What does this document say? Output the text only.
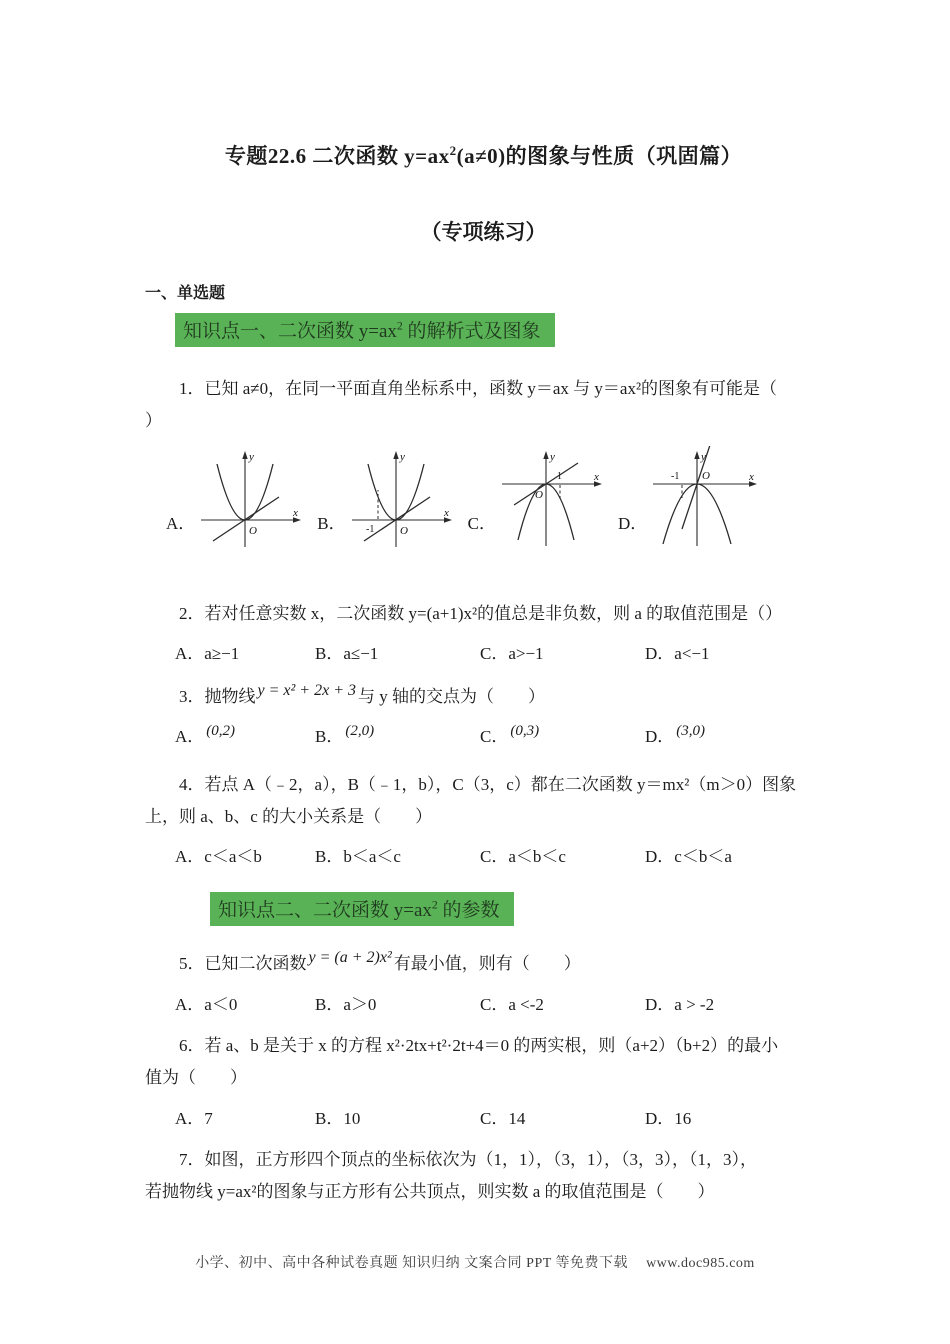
专题22.6 二次函数 $y=ax^2(a\ne 0)$的图象与性质（巩固篇）
（专项练习）
一、单选题
知识点一、二次函数 $y=ax^2$ 的解析式及图象
1．已知 a≠0，在同一平面直角坐标系中，函数 y＝ax 与 y＝ax²的图象有可能是（
）
A．
y
x
O	B． -1
y
x
O	C．
1
y
x
O
D．
-1 O
y
x
2．若对任意实数 x，二次函数 y=(a+1)x²的值总是非负数，则 a 的取值范围是（）
A．a≥−1	B．a≤−1	C．a>−1	D．a<−1
3．抛物线 y = x² + 2x + 3 与 y 轴的交点为（　　）
A． (0,2)	B． (2,0)	C． (0,3)	D． (3,0)
4．若点 A（﹣2，a），B（﹣1，b），C（3，c）都在二次函数 y＝mx²（m＞0）图象
上，则 a、b、c 的大小关系是（　　）
A．c＜a＜b	B．b＜a＜c	C．a＜b＜c	D．c＜b＜a
知识点二、二次函数 $y=ax^2$ 的参数
5．已知二次函数 y = (a + 2)x² 有最小值，则有（　　）
A．a＜0	B．a＞0	C．a <-2	D．a > -2
6．若 a、b 是关于 x 的方程 x²·2tx+t²·2t+4＝0 的两实根，则（a+2）（b+2）的最小
值为（　　）
A．7	B．10	C．14	D．16
7．如图，正方形四个顶点的坐标依次为（1，1），（3，1），（3，3），（1，3），
若抛物线 y=ax²的图象与正方形有公共顶点，则实数 a 的取值范围是（　　）
小学、初中、高中各种试卷真题 知识归纳 文案合同 PPT 等免费下载 www.doc985.com
